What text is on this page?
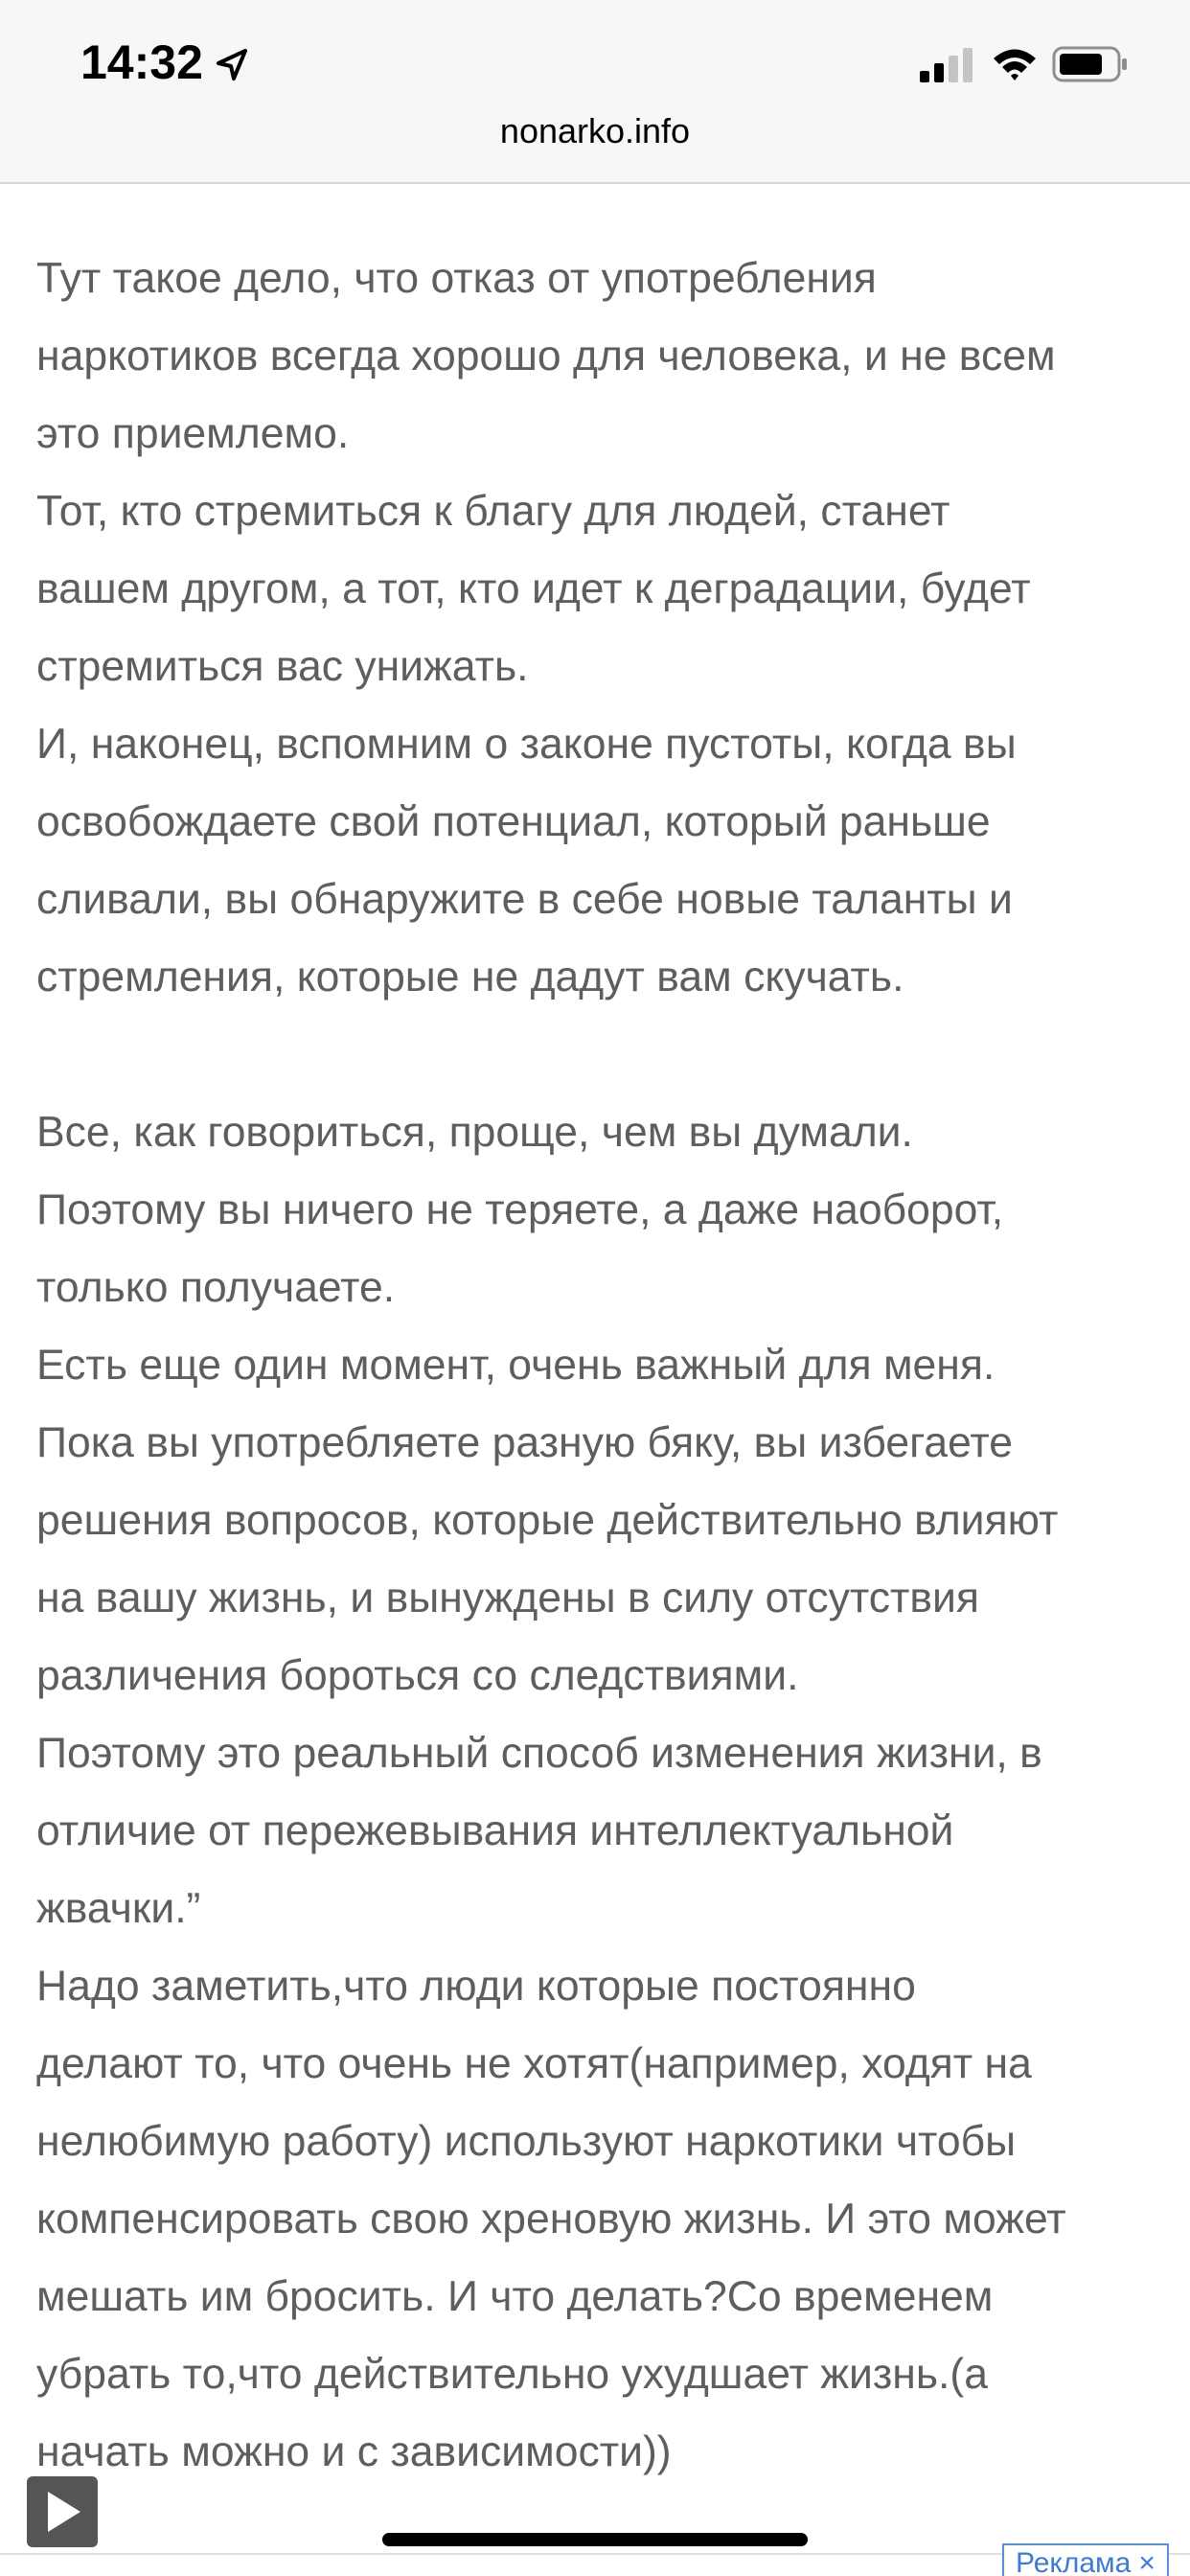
14:32
nonarko.info

Тут такое дело, что отказ от употребления

наркотиков всегда хорошо для человека, и не всем

это приемлемо.

Тот, кто стремиться к благу для людей, станет

вашем другом, а тот, кто идет к деградации, будет

стремиться вас унижать.

И, наконец, вспомним о законе пустоты, когда вы

освобождаете свой потенциал, который раньше

сливали, вы обнаружите в себе новые таланты и

стремления, которые не дадут вам скучать.

Все, как говориться, проще, чем вы думали.

Поэтому вы ничего не теряете, а даже наоборот,

только получаете.

Есть еще один момент, очень важный для меня.

Пока вы употребляете разную бяку, вы избегаете

решения вопросов, которые действительно влияют

на вашу жизнь, и вынуждены в силу отсутствия

различения бороться со следствиями.

Поэтому это реальный способ изменения жизни, в

отличие от пережевывания интеллектуальной

жвачки.”

Надо заметить,что люди которые постоянно

делают то, что очень не хотят(например, ходят на

нелюбимую работу) используют наркотики чтобы

компенсировать свою хреновую жизнь. И это может

мешать им бросить. И что делать?Со временем

убрать то,что действительно ухудшает жизнь.(а

начать можно и с зависимости))

Реклама ×
